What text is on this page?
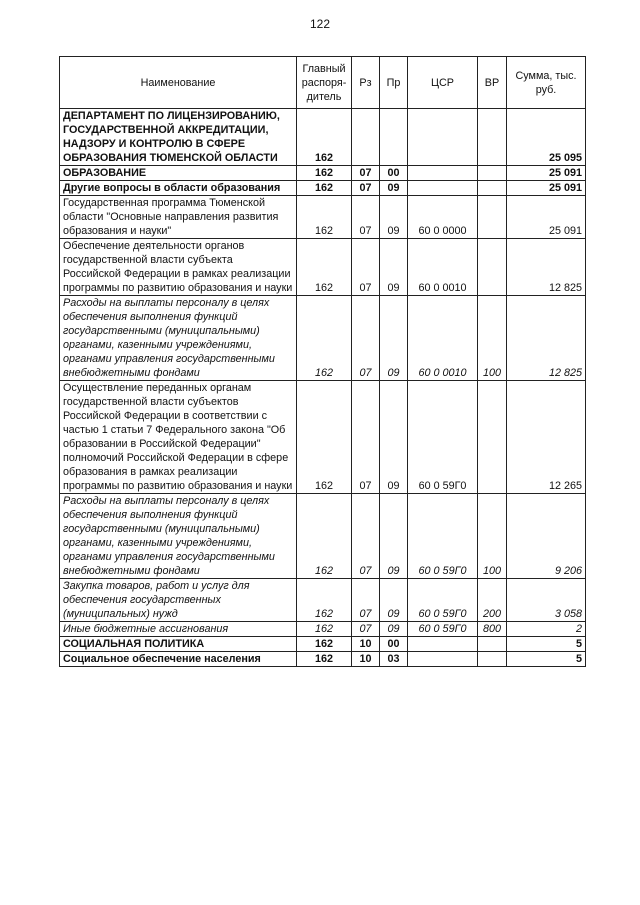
122
Наименование	Главный распоря-дитель	Рз	Пр	ЦСР	ВР	Сумма, тыс. руб.
ДЕПАРТАМЕНТ ПО ЛИЦЕНЗИРОВАНИЮ, ГОСУДАРСТВЕННОЙ АККРЕДИТАЦИИ, НАДЗОРУ И КОНТРОЛЮ В СФЕРЕ ОБРАЗОВАНИЯ ТЮМЕНСКОЙ ОБЛАСТИ	162					25 095
ОБРАЗОВАНИЕ	162	07	00			25 091
Другие вопросы в области образования	162	07	09			25 091
Государственная программа Тюменской области "Основные направления развития образования и науки"	162	07	09	60 0 0000		25 091
Обеспечение деятельности органов государственной власти субъекта Российской Федерации в рамках реализации программы по развитию образования и науки	162	07	09	60 0 0010		12 825
Расходы на выплаты персоналу в целях обеспечения выполнения функций государственными (муниципальными) органами, казенными учреждениями, органами управления государственными внебюджетными фондами	162	07	09	60 0 0010	100	12 825
Осуществление переданных органам государственной власти субъектов Российской Федерации в соответствии с частью 1 статьи 7 Федерального закона "Об образовании в Российской Федерации" полномочий Российской Федерации в сфере образования в рамках реализации программы по развитию образования и науки	162	07	09	60 0 59Г0		12 265
Расходы на выплаты персоналу в целях обеспечения выполнения функций государственными (муниципальными) органами, казенными учреждениями, органами управления государственными внебюджетными фондами	162	07	09	60 0 59Г0	100	9 206
Закупка товаров, работ и услуг для обеспечения государственных (муниципальных) нужд	162	07	09	60 0 59Г0	200	3 058
Иные бюджетные ассигнования	162	07	09	60 0 59Г0	800	2
СОЦИАЛЬНАЯ ПОЛИТИКА	162	10	00			5
Социальное обеспечение населения	162	10	03			5
